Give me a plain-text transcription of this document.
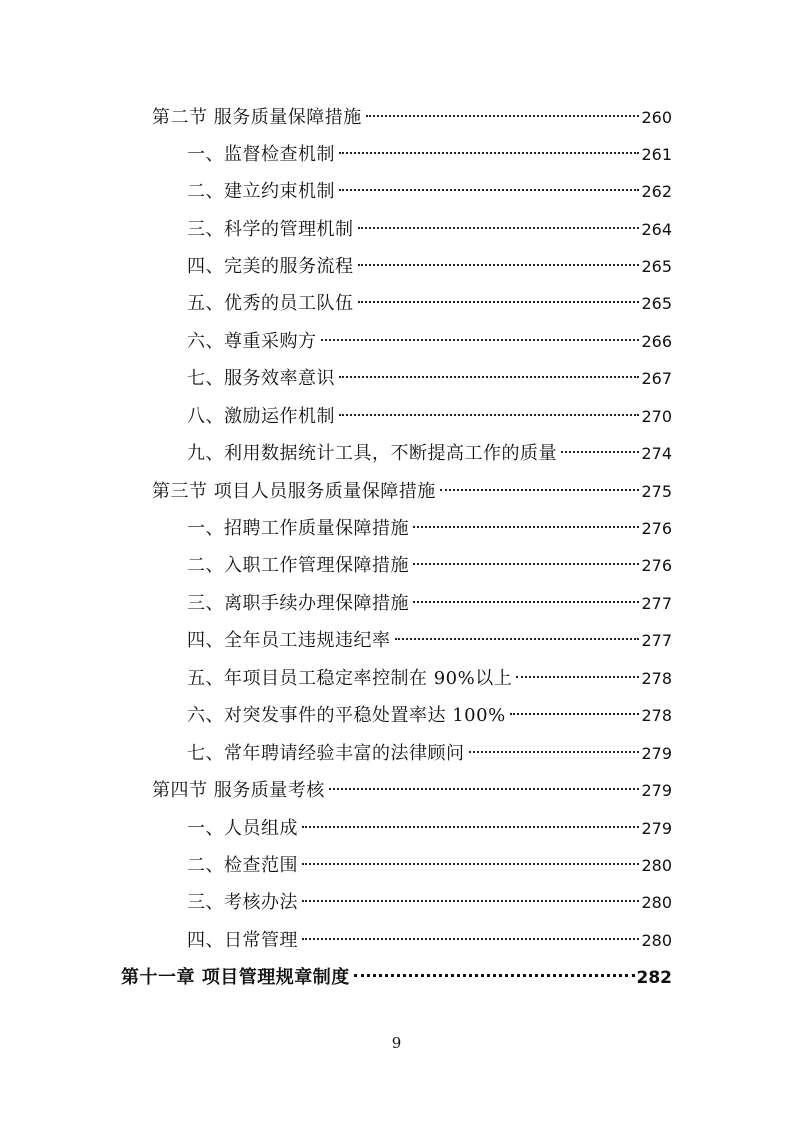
第二节 服务质量保障措施	260
一、监督检查机制	261
二、建立约束机制	262
三、科学的管理机制	264
四、完美的服务流程	265
五、优秀的员工队伍	265
六、尊重采购方	266
七、服务效率意识	267
八、激励运作机制	270
九、利用数据统计工具，不断提高工作的质量	274
第三节 项目人员服务质量保障措施	275
一、招聘工作质量保障措施	276
二、入职工作管理保障措施	276
三、离职手续办理保障措施	277
四、全年员工违规违纪率	277
五、年项目员工稳定率控制在 90%以上	278
六、对突发事件的平稳处置率达 100%	278
七、常年聘请经验丰富的法律顾问	279
第四节 服务质量考核	279
一、人员组成	279
二、检查范围	280
三、考核办法	280
四、日常管理	280
第十一章 项目管理规章制度	282
9
